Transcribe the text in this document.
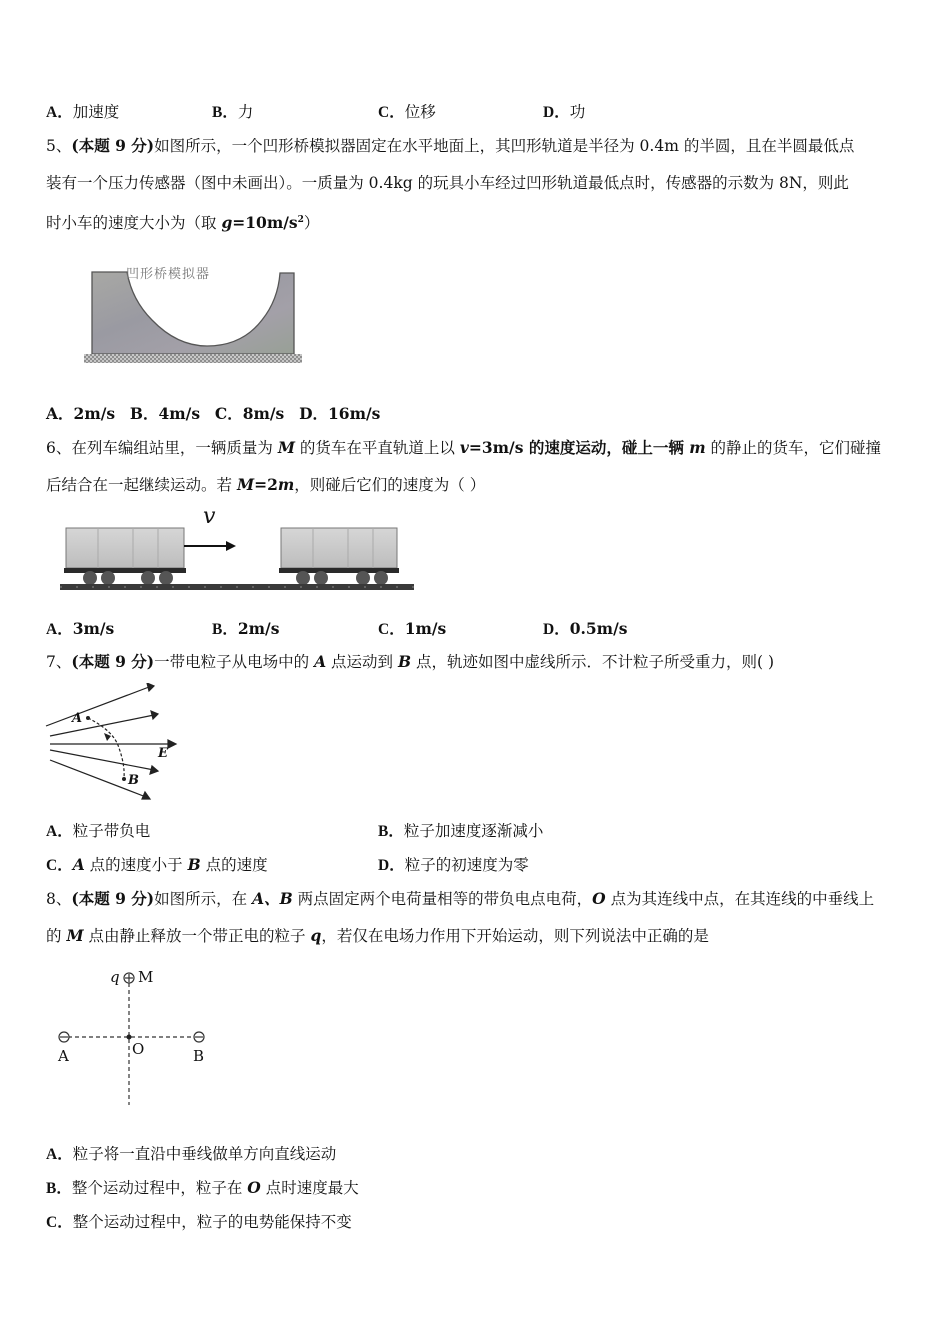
A．加速度	B．力	C．位移	D．功
5、(本题 9 分)如图所示，一个凹形桥模拟器固定在水平地面上，其凹形轨道是半径为 0.4m 的半圆，且在半圆最低点
装有一个压力传感器（图中未画出）。一质量为 0.4kg 的玩具小车经过凹形轨道最低点时，传感器的示数为 8N，则此
时小车的速度大小为（取 $g=10m/s^2$）
凹形桥模拟器
A．2m/s B．4m/s C．8m/s D．16m/s
6、在列车编组站里，一辆质量为 M 的货车在平直轨道上以 v=3m/s 的速度运动，碰上一辆 m 的静止的货车，它们碰撞
后结合在一起继续运动。若 M=2m，则碰后它们的速度为（ ）
v
A．3m/s	B．2m/s	C．1m/s	D．0.5m/s
7、(本题 9 分)一带电粒子从电场中的 A 点运动到 B 点，轨迹如图中虚线所示．不计粒子所受重力，则( )
A
B
E
A．粒子带负电	B．粒子加速度逐渐减小
C．A 点的速度小于 B 点的速度	D．粒子的初速度为零
8、(本题 9 分)如图所示，在 A、B 两点固定两个电荷量相等的带负电点电荷，O 点为其连线中点，在其连线的中垂线上
的 M 点由静止释放一个带正电的粒子 q，若仅在电场力作用下开始运动，则下列说法中正确的是
q M
A	O	B
A．粒子将一直沿中垂线做单方向直线运动
B．整个运动过程中，粒子在 O 点时速度最大
C．整个运动过程中，粒子的电势能保持不变
